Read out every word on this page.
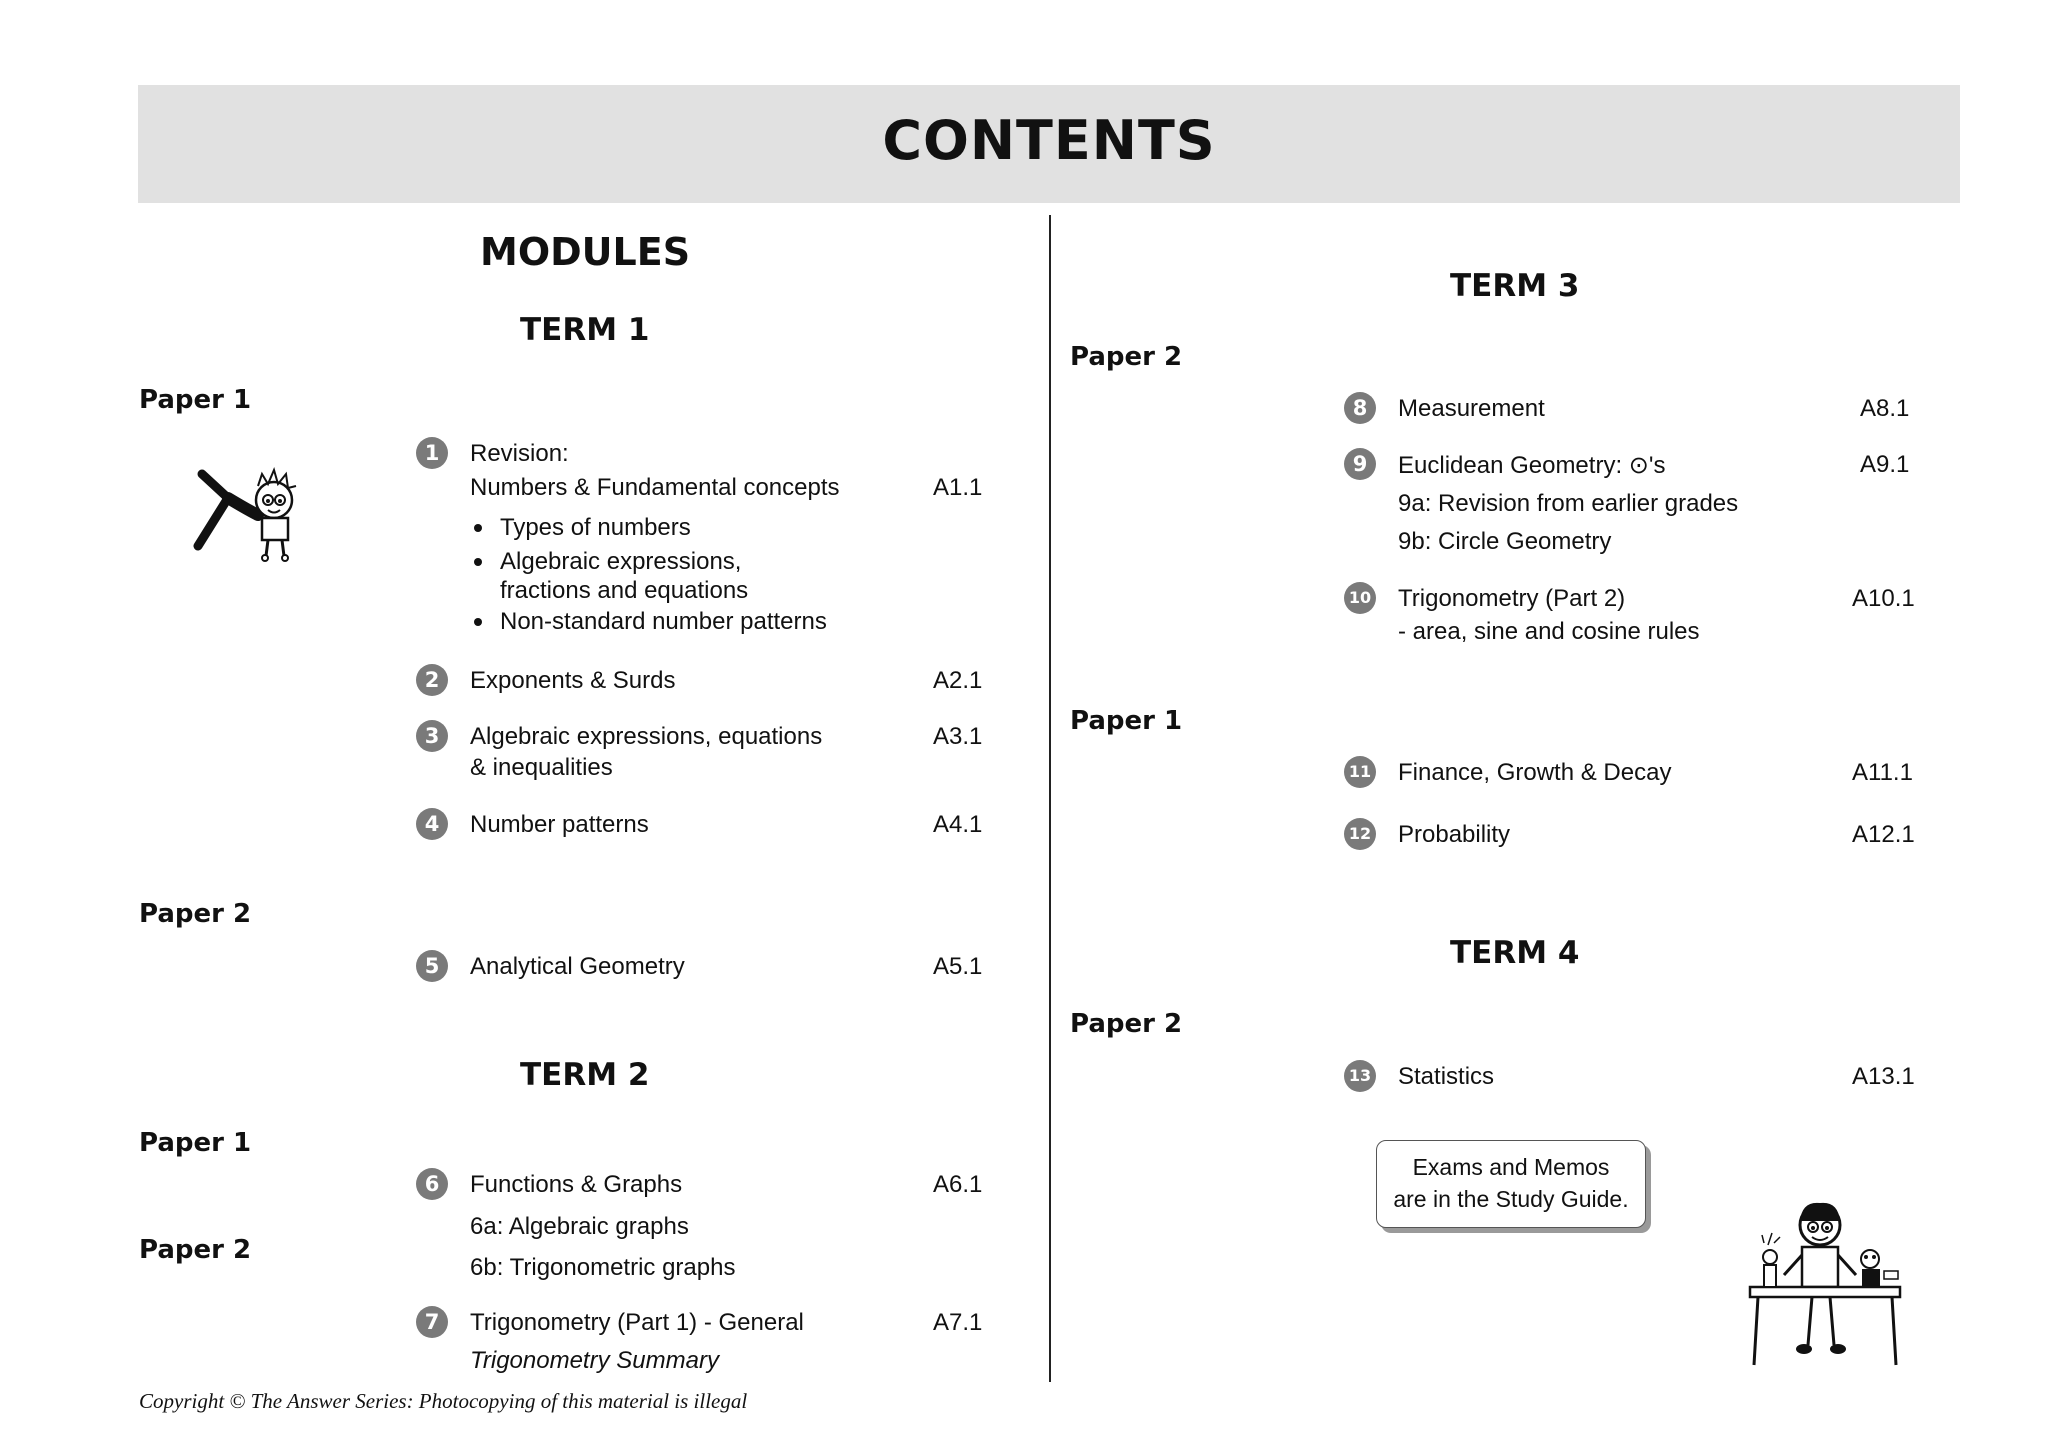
CONTENTS
MODULES
TERM 1
Paper 1
1	Revision:
Numbers & Fundamental concepts	A1.1
Types of numbers
Algebraic expressions,
fractions and equations
Non-standard number patterns
2	Exponents & Surds	A2.1
3	Algebraic expressions, equations
& inequalities
A3.1
4	Number patterns	A4.1
Paper 2
5	Analytical Geometry	A5.1
TERM 2
Paper 1
6	Functions & Graphs	A6.1
6a: Algebraic graphs
Paper 2
6b: Trigonometric graphs
7	Trigonometry (Part 1) - General	A7.1
Trigonometry Summary
TERM 3
Paper 2
8	Measurement	A8.1
9	Euclidean Geometry: ⊙'s	A9.1
9a: Revision from earlier grades
9b: Circle Geometry
10 Trigonometry (Part 2)	A10.1
- area, sine and cosine rules
Paper 1
11 Finance, Growth & Decay	A11.1
12 Probability	A12.1
TERM 4
Paper 2
13 Statistics	A13.1
Exams and Memos
are in the Study Guide.
Copyright © The Answer Series: Photocopying of this material is illegal
